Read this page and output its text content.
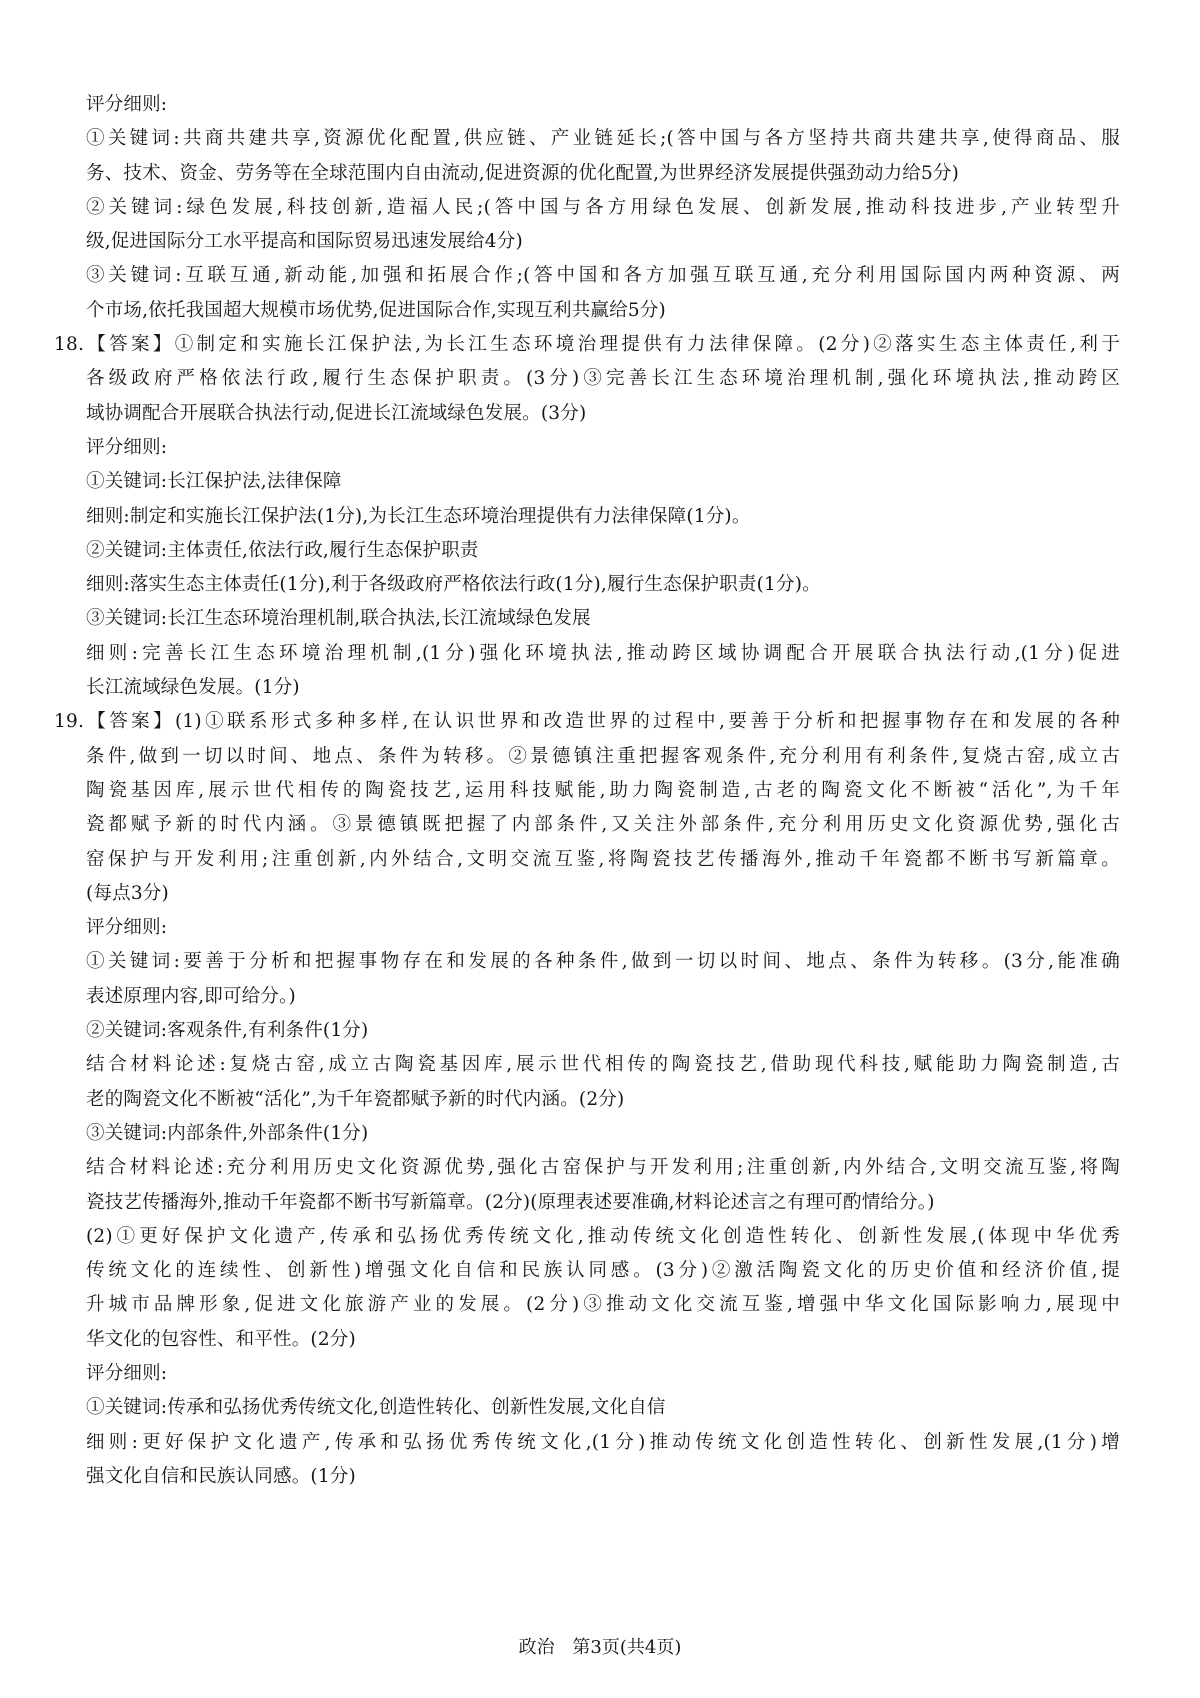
评分细则:
①关键词:共商共建共享,资源优化配置,供应链、产业链延长;(答中国与各方坚持共商共建共享,使得商品、服
务、技术、资金、劳务等在全球范围内自由流动,促进资源的优化配置,为世界经济发展提供强劲动力给5分)
②关键词:绿色发展,科技创新,造福人民;(答中国与各方用绿色发展、创新发展,推动科技进步,产业转型升
级,促进国际分工水平提高和国际贸易迅速发展给4分)
③关键词:互联互通,新动能,加强和拓展合作;(答中国和各方加强互联互通,充分利用国际国内两种资源、两
个市场,依托我国超大规模市场优势,促进国际合作,实现互利共赢给5分)
18.【答案】①制定和实施长江保护法,为长江生态环境治理提供有力法律保障。(2分)②落实生态主体责任,利于
各级政府严格依法行政,履行生态保护职责。(3分)③完善长江生态环境治理机制,强化环境执法,推动跨区
域协调配合开展联合执法行动,促进长江流域绿色发展。(3分)
评分细则:
①关键词:长江保护法,法律保障
细则:制定和实施长江保护法(1分),为长江生态环境治理提供有力法律保障(1分)。
②关键词:主体责任,依法行政,履行生态保护职责
细则:落实生态主体责任(1分),利于各级政府严格依法行政(1分),履行生态保护职责(1分)。
③关键词:长江生态环境治理机制,联合执法,长江流域绿色发展
细则:完善长江生态环境治理机制,(1分)强化环境执法,推动跨区域协调配合开展联合执法行动,(1分)促进
长江流域绿色发展。(1分)
19.【答案】(1)①联系形式多种多样,在认识世界和改造世界的过程中,要善于分析和把握事物存在和发展的各种
条件,做到一切以时间、地点、条件为转移。②景德镇注重把握客观条件,充分利用有利条件,复烧古窑,成立古
陶瓷基因库,展示世代相传的陶瓷技艺,运用科技赋能,助力陶瓷制造,古老的陶瓷文化不断被“活化”,为千年
瓷都赋予新的时代内涵。③景德镇既把握了内部条件,又关注外部条件,充分利用历史文化资源优势,强化古
窑保护与开发利用;注重创新,内外结合,文明交流互鉴,将陶瓷技艺传播海外,推动千年瓷都不断书写新篇章。
(每点3分)
评分细则:
①关键词:要善于分析和把握事物存在和发展的各种条件,做到一切以时间、地点、条件为转移。(3分,能准确
表述原理内容,即可给分。)
②关键词:客观条件,有利条件(1分)
结合材料论述:复烧古窑,成立古陶瓷基因库,展示世代相传的陶瓷技艺,借助现代科技,赋能助力陶瓷制造,古
老的陶瓷文化不断被“活化”,为千年瓷都赋予新的时代内涵。(2分)
③关键词:内部条件,外部条件(1分)
结合材料论述:充分利用历史文化资源优势,强化古窑保护与开发利用;注重创新,内外结合,文明交流互鉴,将陶
瓷技艺传播海外,推动千年瓷都不断书写新篇章。(2分)(原理表述要准确,材料论述言之有理可酌情给分。)
(2)①更好保护文化遗产,传承和弘扬优秀传统文化,推动传统文化创造性转化、创新性发展,(体现中华优秀
传统文化的连续性、创新性)增强文化自信和民族认同感。(3分)②激活陶瓷文化的历史价值和经济价值,提
升城市品牌形象,促进文化旅游产业的发展。(2分)③推动文化交流互鉴,增强中华文化国际影响力,展现中
华文化的包容性、和平性。(2分)
评分细则:
①关键词:传承和弘扬优秀传统文化,创造性转化、创新性发展,文化自信
细则:更好保护文化遗产,传承和弘扬优秀传统文化,(1分)推动传统文化创造性转化、创新性发展,(1分)增
强文化自信和民族认同感。(1分)
政治 第3页(共4页)
